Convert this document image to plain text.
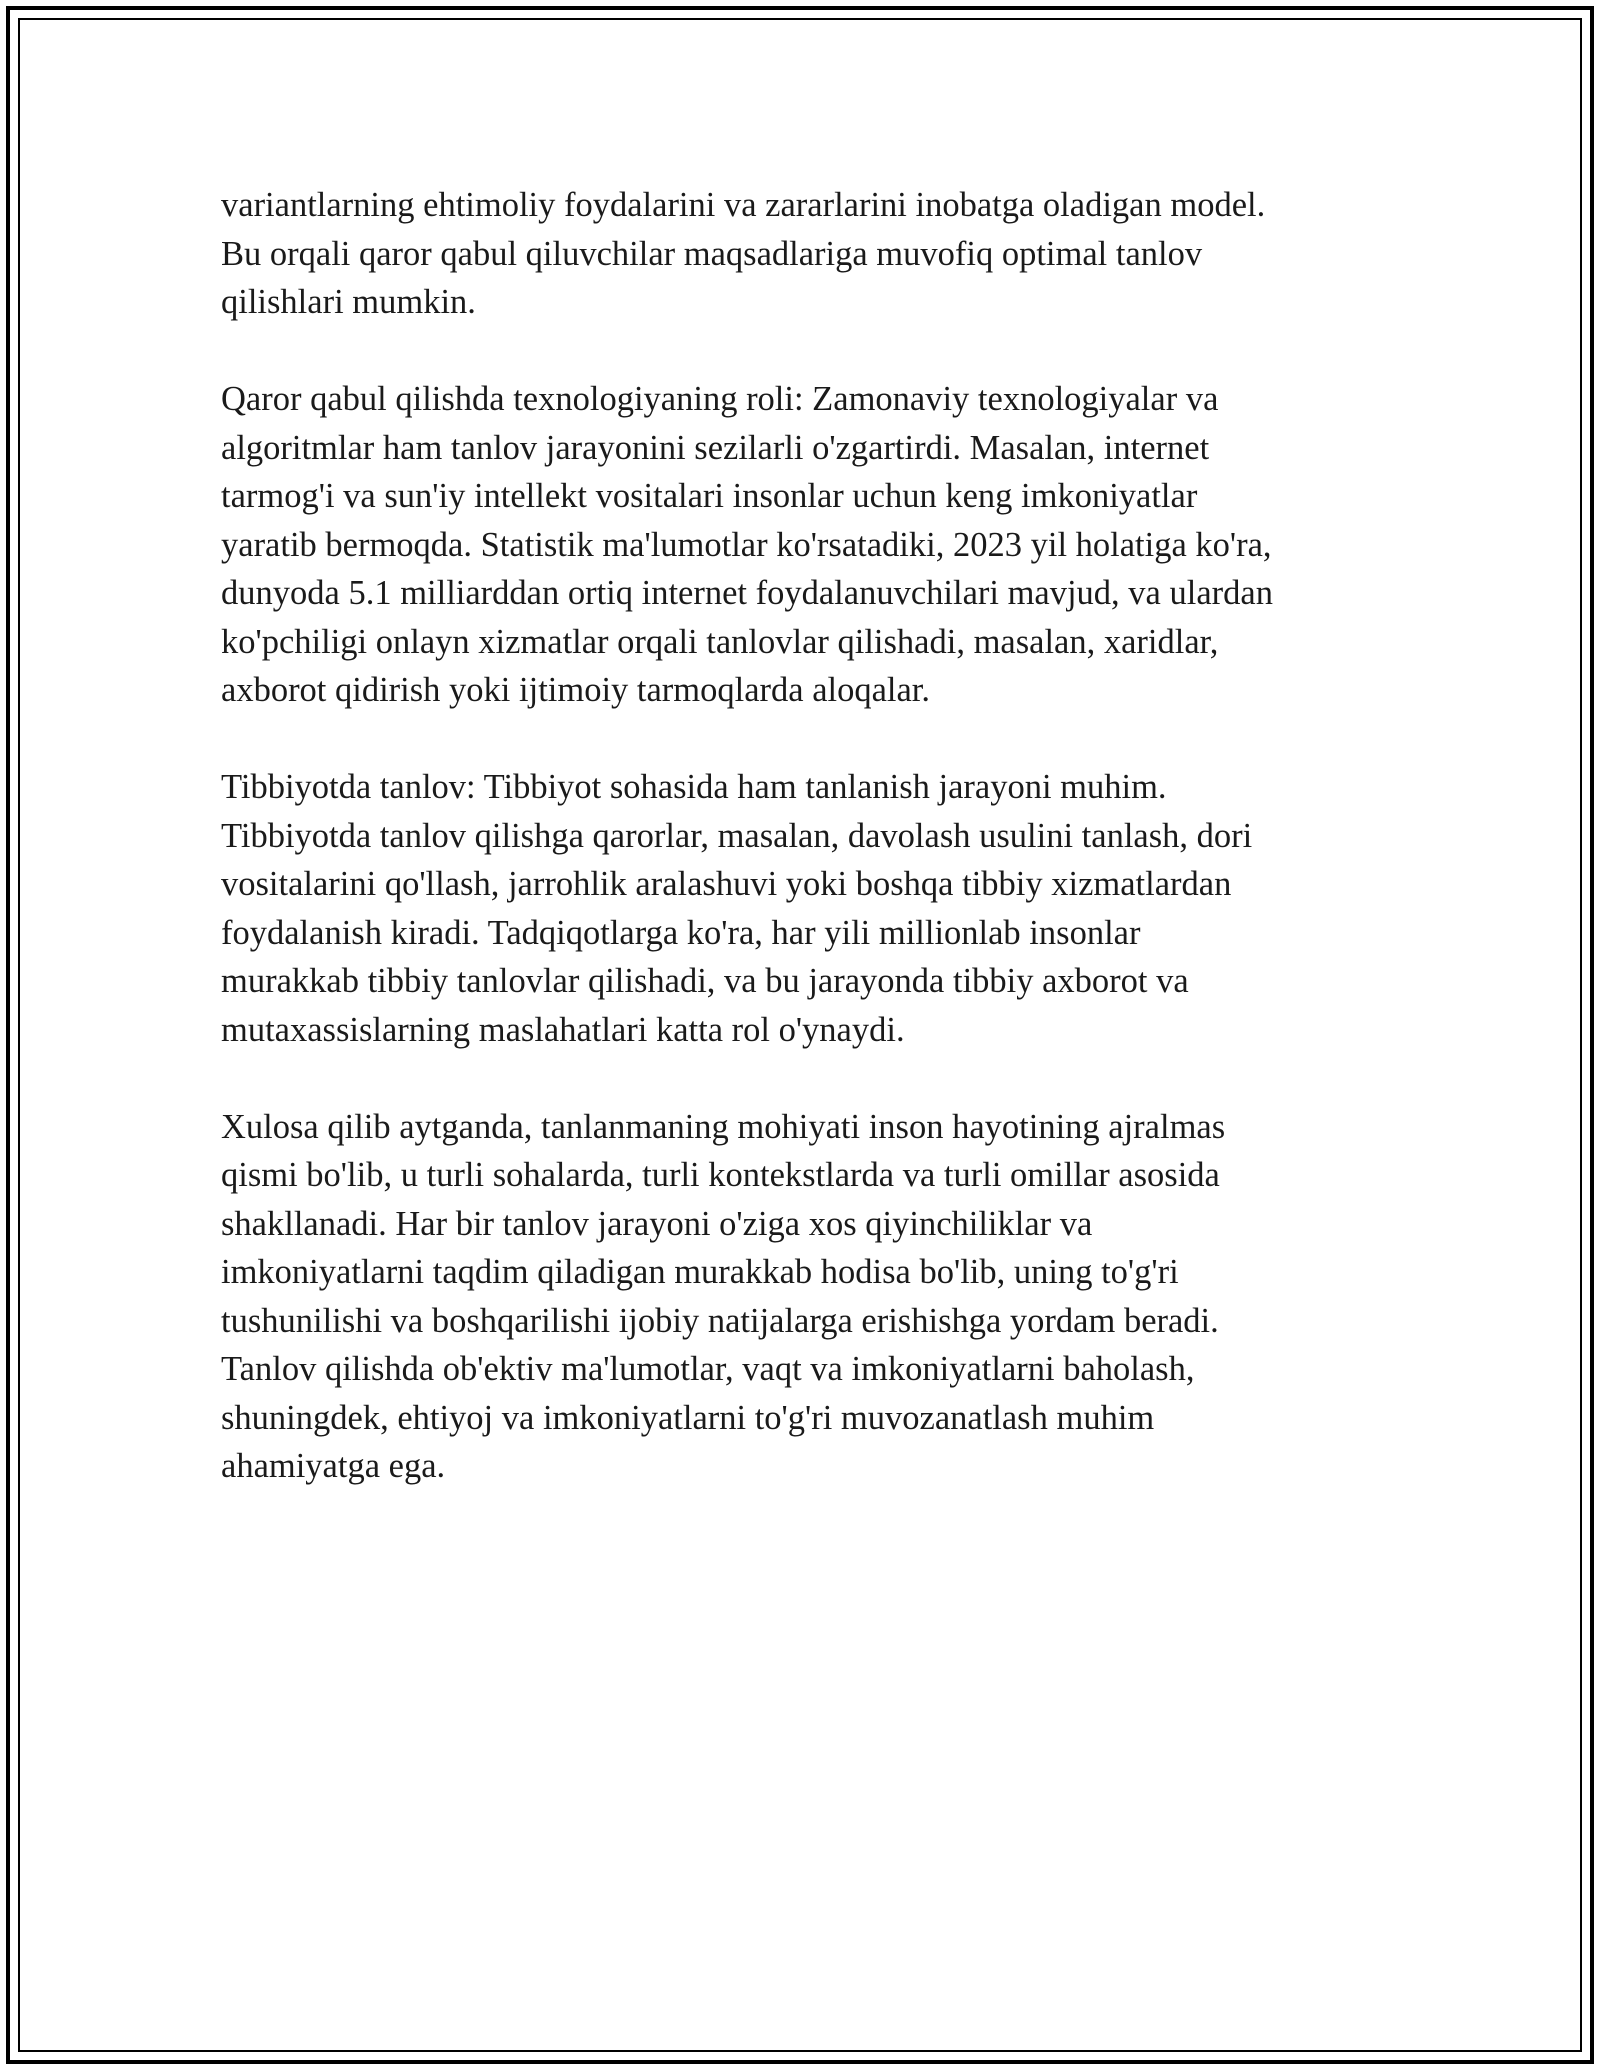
variantlarning ehtimoliy foydalarini va zararlarini inobatga oladigan model.
Bu orqali qaror qabul qiluvchilar maqsadlariga muvofiq optimal tanlov
qilishlari mumkin.

Qaror qabul qilishda texnologiyaning roli: Zamonaviy texnologiyalar va
algoritmlar ham tanlov jarayonini sezilarli o'zgartirdi. Masalan, internet
tarmog'i va sun'iy intellekt vositalari insonlar uchun keng imkoniyatlar
yaratib bermoqda. Statistik ma'lumotlar ko'rsatadiki, 2023 yil holatiga ko'ra,
dunyoda 5.1 milliarddan ortiq internet foydalanuvchilari mavjud, va ulardan
ko'pchiligi onlayn xizmatlar orqali tanlovlar qilishadi, masalan, xaridlar,
axborot qidirish yoki ijtimoiy tarmoqlarda aloqalar.

Tibbiyotda tanlov: Tibbiyot sohasida ham tanlanish jarayoni muhim.
Tibbiyotda tanlov qilishga qarorlar, masalan, davolash usulini tanlash, dori
vositalarini qo'llash, jarrohlik aralashuvi yoki boshqa tibbiy xizmatlardan
foydalanish kiradi. Tadqiqotlarga ko'ra, har yili millionlab insonlar
murakkab tibbiy tanlovlar qilishadi, va bu jarayonda tibbiy axborot va
mutaxassislarning maslahatlari katta rol o'ynaydi.

Xulosa qilib aytganda, tanlanmaning mohiyati inson hayotining ajralmas
qismi bo'lib, u turli sohalarda, turli kontekstlarda va turli omillar asosida
shakllanadi. Har bir tanlov jarayoni o'ziga xos qiyinchiliklar va
imkoniyatlarni taqdim qiladigan murakkab hodisa bo'lib, uning to'g'ri
tushunilishi va boshqarilishi ijobiy natijalarga erishishga yordam beradi.
Tanlov qilishda ob'ektiv ma'lumotlar, vaqt va imkoniyatlarni baholash,
shuningdek, ehtiyoj va imkoniyatlarni to'g'ri muvozanatlash muhim
ahamiyatga ega.
